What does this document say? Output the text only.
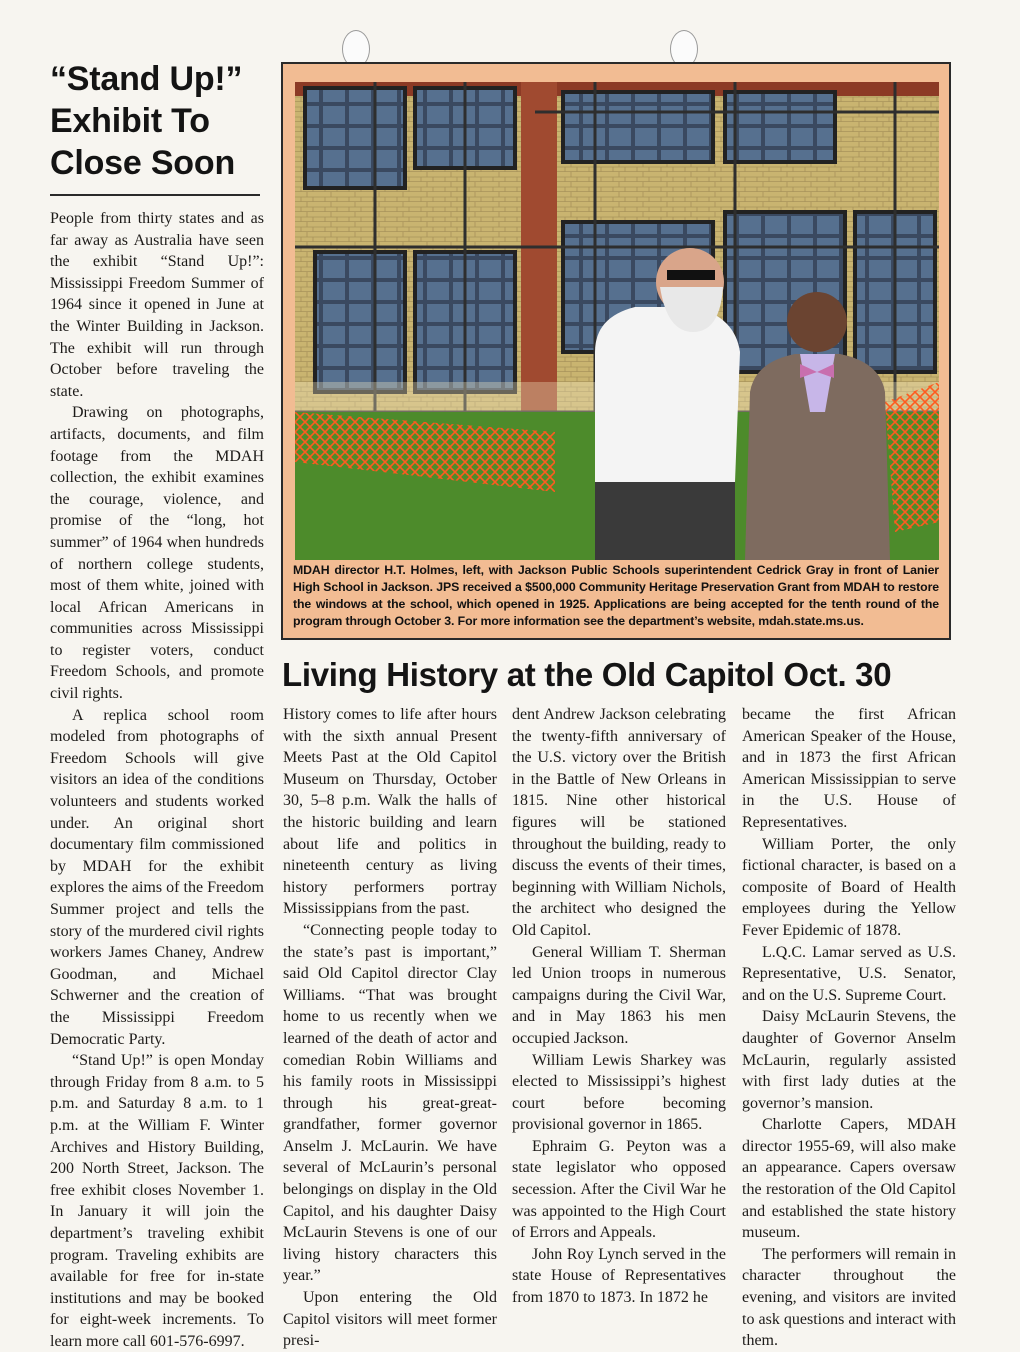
“Stand Up!”
Exhibit To
Close Soon

People from thirty states and as far away as Australia have seen the exhibit “Stand Up!”: Mississippi Freedom Summer of 1964 since it opened in June at the Winter Building in Jackson. The exhibit will run through October before traveling the state.

Drawing on photographs, artifacts, documents, and film footage from the MDAH collection, the exhibit examines the courage, violence, and promise of the “long, hot summer” of 1964 when hundreds of northern college students, most of them white, joined with local African Americans in communities across Mississippi to register voters, conduct Freedom Schools, and promote civil rights.

A replica school room modeled from photographs of Freedom Schools will give visitors an idea of the conditions volunteers and students worked under. An original short documentary film commissioned by MDAH for the exhibit explores the aims of the Freedom Summer project and tells the story of the murdered civil rights workers James Chaney, Andrew Goodman, and Michael Schwerner and the creation of the Mississippi Freedom Democratic Party.

“Stand Up!” is open Monday through Friday from 8 a.m. to 5 p.m. and Saturday 8 a.m. to 1 p.m. at the William F. Winter Archives and History Building, 200 North Street, Jackson. The free exhibit closes November 1. In January it will join the department’s traveling exhibit program. Traveling exhibits are available for free for in-state institutions and may be booked for eight-week increments. To learn more call 601-576-6997.

MDAH director H.T. Holmes, left, with Jackson Public Schools superintendent Cedrick Gray in front of Lanier High School in Jackson. JPS received a $500,000 Community Heritage Preservation Grant from MDAH to restore the windows at the school, which opened in 1925. Applications are being accepted for the tenth round of the program through October 3. For more information see the department’s website, mdah.state.ms.us.
Living History at the Old Capitol Oct. 30

History comes to life after hours with the sixth annual Present Meets Past at the Old Capitol Museum on Thursday, October 30, 5–8 p.m. Walk the halls of the historic building and learn about life and politics in nineteenth century as living history performers portray Mississippians from the past.

“Connecting people today to the state’s past is important,” said Old Capitol director Clay Williams. “That was brought home to us recently when we learned of the death of actor and comedian Robin Williams and his family roots in Mississippi through his great-great-grandfather, former governor Anselm J. McLaurin. We have several of McLaurin’s personal belongings on display in the Old Capitol, and his daughter Daisy McLaurin Stevens is one of our living history characters this year.”

Upon entering the Old Capitol visitors will meet former presi-

dent Andrew Jackson celebrating the twenty-fifth anniversary of the U.S. victory over the British in the Battle of New Orleans in 1815. Nine other historical figures will be stationed throughout the building, ready to discuss the events of their times, beginning with William Nichols, the architect who designed the Old Capitol.

General William T. Sherman led Union troops in numerous campaigns during the Civil War, and in May 1863 his men occupied Jackson.

William Lewis Sharkey was elected to Mississippi’s highest court before becoming provisional governor in 1865.

Ephraim G. Peyton was a state legislator who opposed secession. After the Civil War he was appointed to the High Court of Errors and Appeals.

John Roy Lynch served in the state House of Representatives from 1870 to 1873. In 1872 he

became the first African American Speaker of the House, and in 1873 the first African American Mississippian to serve in the U.S. House of Representatives.

William Porter, the only fictional character, is based on a composite of Board of Health employees during the Yellow Fever Epidemic of 1878.

L.Q.C. Lamar served as U.S. Representative, U.S. Senator, and on the U.S. Supreme Court.

Daisy McLaurin Stevens, the daughter of Governor Anselm McLaurin, regularly assisted with first lady duties at the governor’s mansion.

Charlotte Capers, MDAH director 1955-69, will also make an appearance. Capers oversaw the restoration of the Old Capitol and established the state history museum.

The performers will remain in character throughout the evening, and visitors are invited to ask questions and interact with them.
